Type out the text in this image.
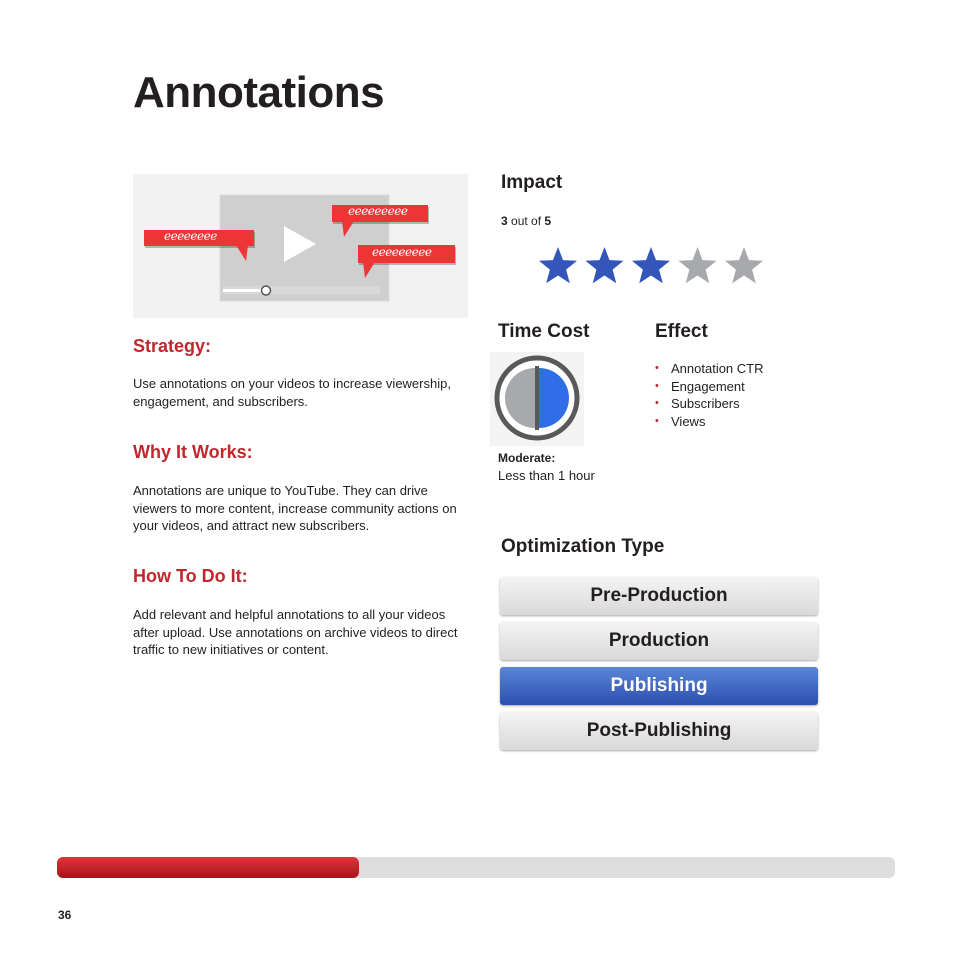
Annotations
eeeeeeee
eeeeeeeee
eeeeeeeee
Strategy:
Use annotations on your videos to increase viewership, engagement, and subscribers.
Why It Works:
Annotations are unique to YouTube. They can drive viewers to more content, increase community actions on your videos, and attract new subscribers.
How To Do It:
Add relevant and helpful annotations to all your videos after upload. Use annotations on archive videos to direct traffic to new initiatives or content.
Impact
3 out of 5
Time Cost
Moderate:
Less than 1 hour
Effect
• Annotation CTR
• Engagement
• Subscribers
• Views
Optimization Type
Pre-Production
Production
Publishing
Post-Publishing
36
